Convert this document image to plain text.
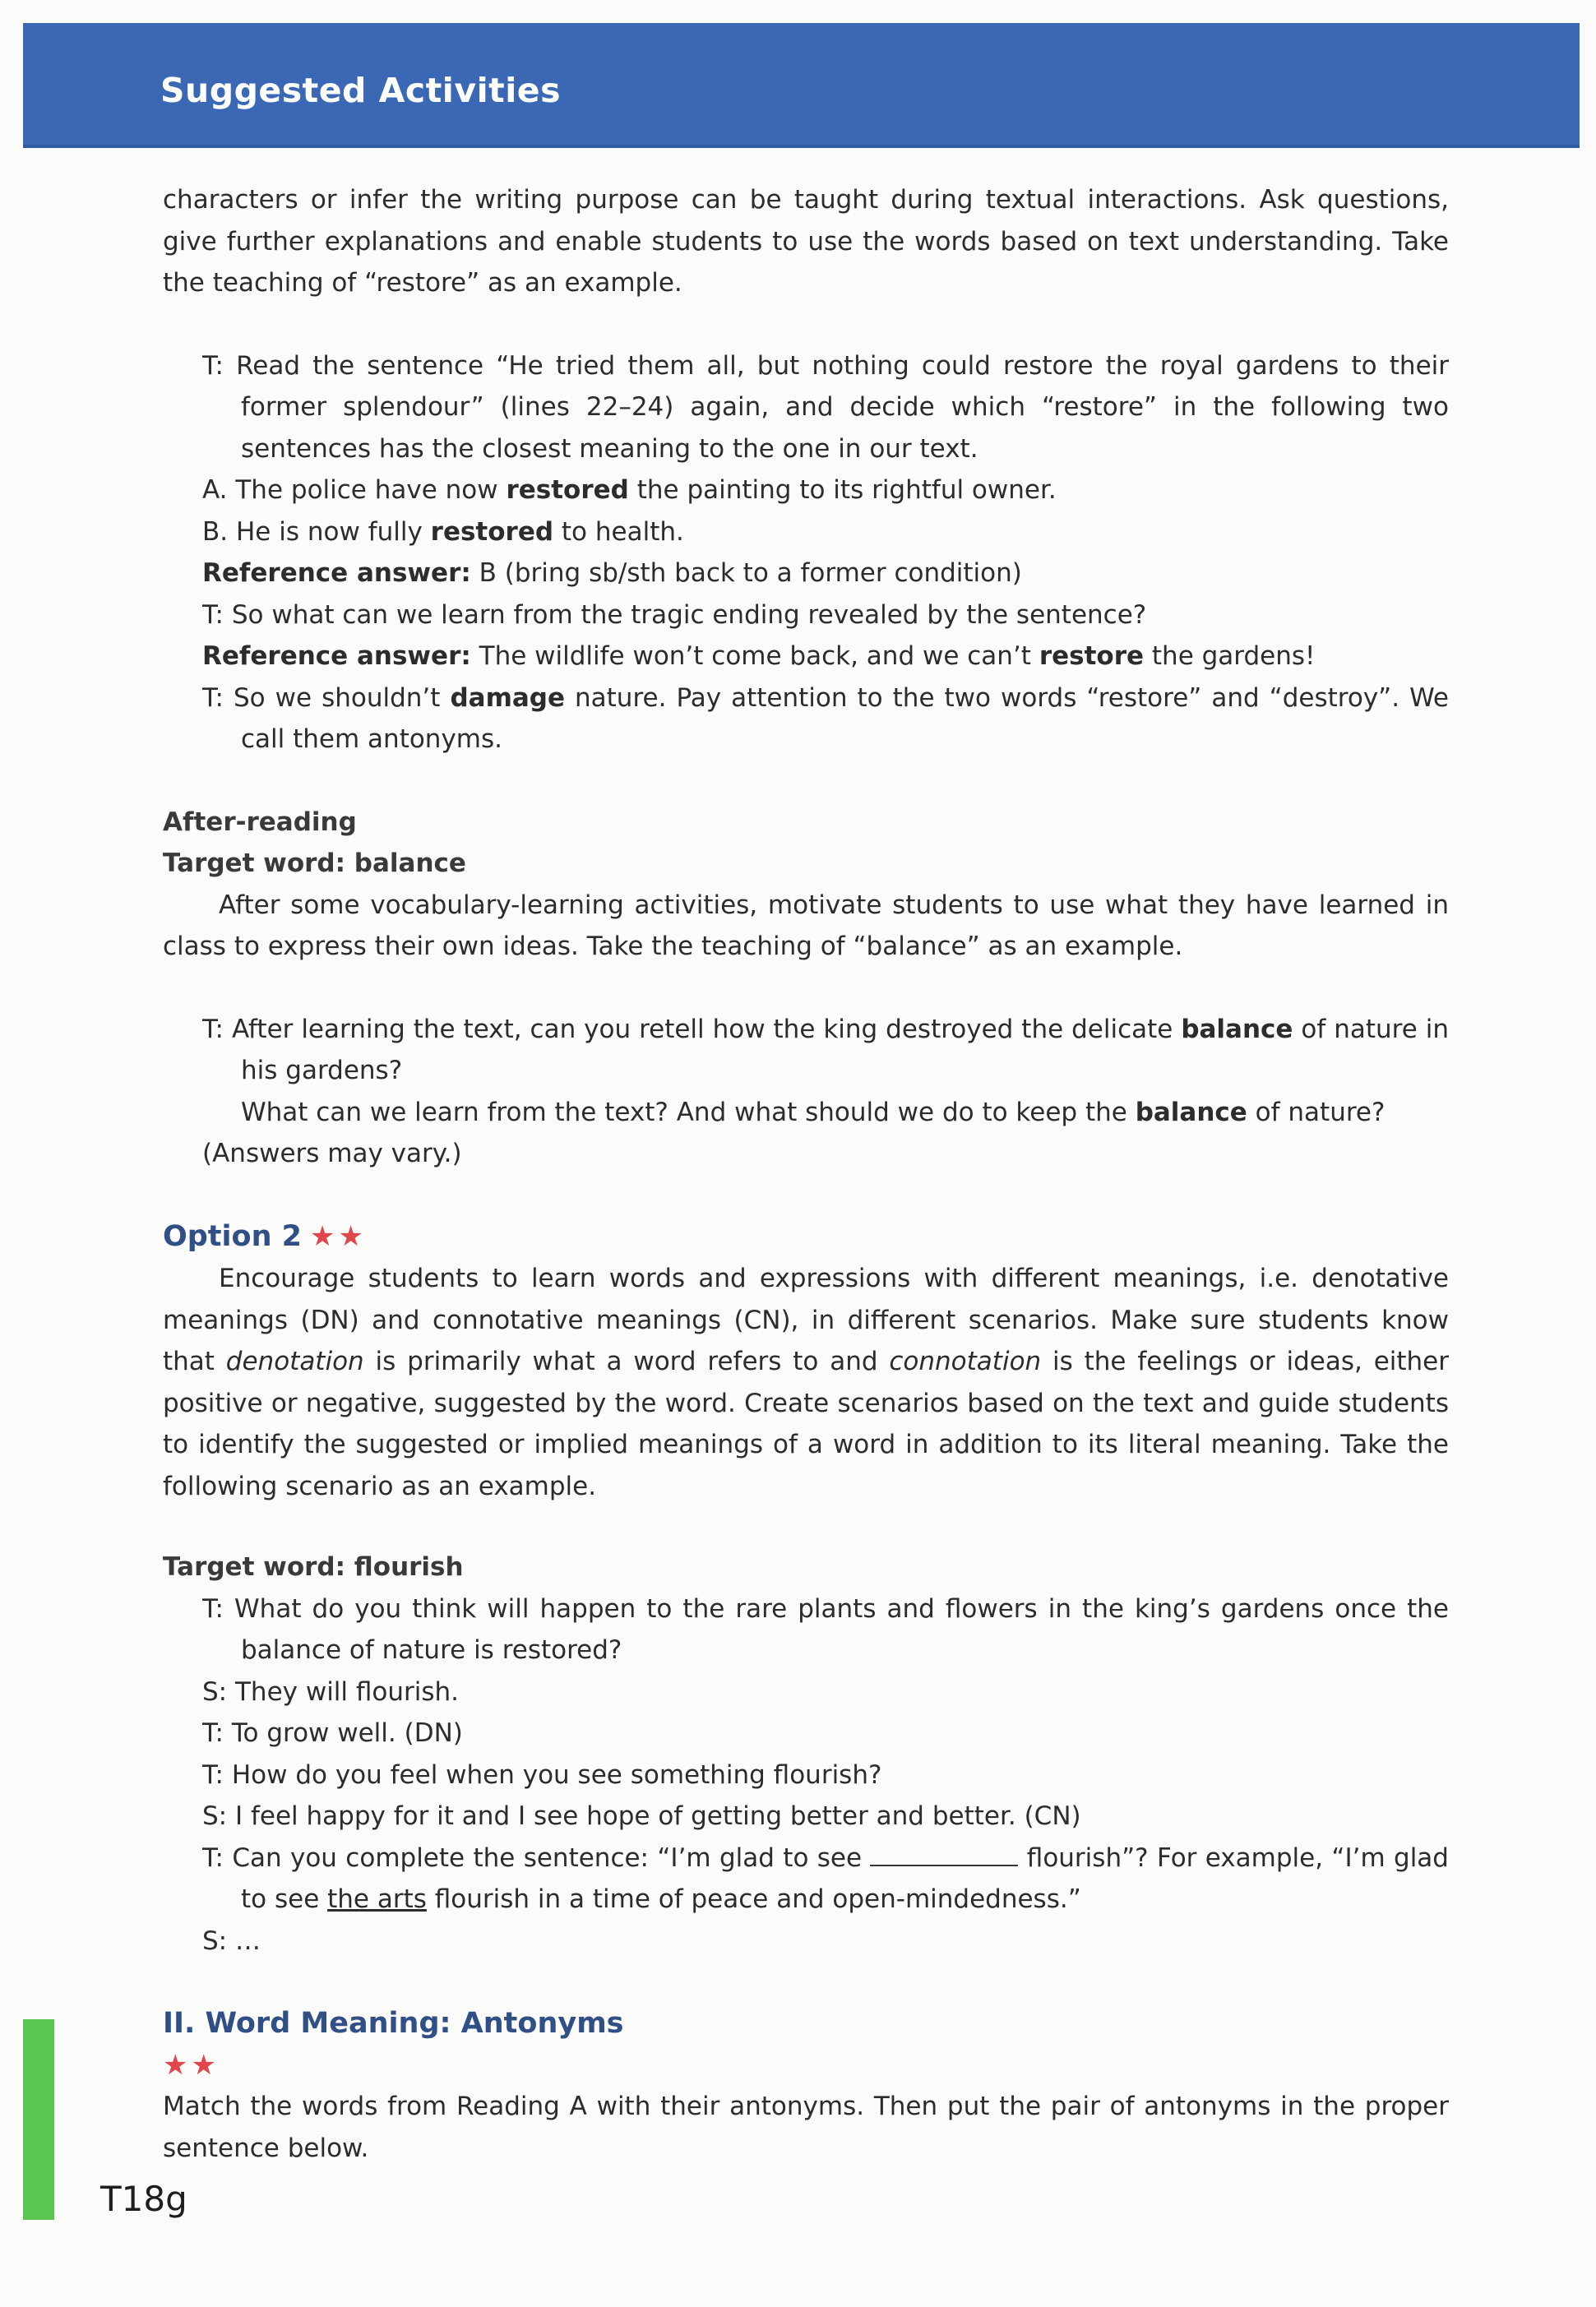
Suggested Activities

characters or infer the writing purpose can be taught during textual interactions. Ask questions, give further explanations and enable students to use the words based on text understanding. Take the teaching of “restore” as an example.

T: Read the sentence “He tried them all, but nothing could restore the royal gardens to their former splendour” (lines 22–24) again, and decide which “restore” in the following two sentences has the closest meaning to the one in our text.

A. The police have now restored the painting to its rightful owner.

B. He is now fully restored to health.

Reference answer: B (bring sb/sth back to a former condition)

T: So what can we learn from the tragic ending revealed by the sentence?

Reference answer: The wildlife won’t come back, and we can’t restore the gardens!

T: So we shouldn’t damage nature. Pay attention to the two words “restore” and “destroy”. We call them antonyms.

After-reading

Target word: balance

After some vocabulary-learning activities, motivate students to use what they have learned in class to express their own ideas. Take the teaching of “balance” as an example.

T: After learning the text, can you retell how the king destroyed the delicate balance of nature in his gardens?

What can we learn from the text? And what should we do to keep the balance of nature?

(Answers may vary.)

Option 2 ★★

Encourage students to learn words and expressions with different meanings, i.e. denotative meanings (DN) and connotative meanings (CN), in different scenarios. Make sure students know that denotation is primarily what a word refers to and connotation is the feelings or ideas, either positive or negative, suggested by the word. Create scenarios based on the text and guide students to identify the suggested or implied meanings of a word in addition to its literal meaning. Take the following scenario as an example.

Target word: flourish

T: What do you think will happen to the rare plants and flowers in the king’s gardens once the balance of nature is restored?

S: They will flourish.

T: To grow well. (DN)

T: How do you feel when you see something flourish?

S: I feel happy for it and I see hope of getting better and better. (CN)

T: Can you complete the sentence: “I’m glad to see	flourish”? For example, “I’m glad to see the arts flourish in a time of peace and open-mindedness.”

S: …

II. Word Meaning: Antonyms

★★

Match the words from Reading A with their antonyms. Then put the pair of antonyms in the proper sentence below.

T18g
